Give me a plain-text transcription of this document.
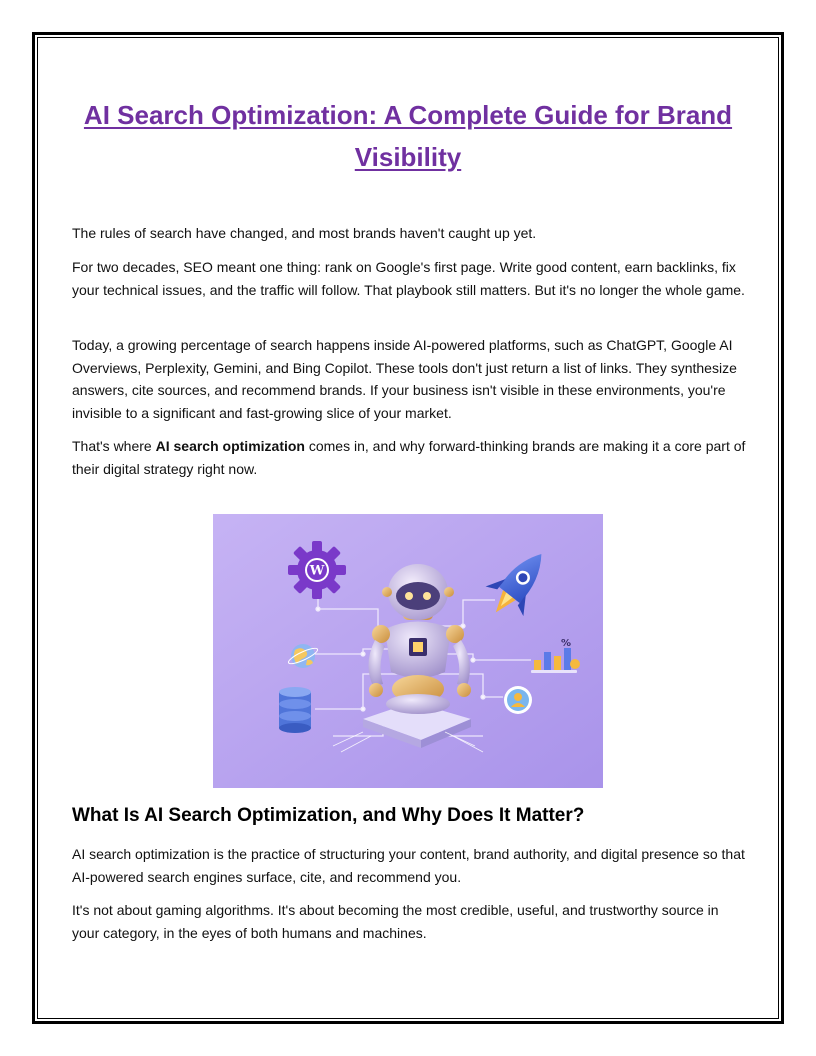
AI Search Optimization: A Complete Guide for Brand Visibility

The rules of search have changed, and most brands haven't caught up yet.

For two decades, SEO meant one thing: rank on Google's first page. Write good content, earn backlinks, fix your technical issues, and the traffic will follow. That playbook still matters. But it's no longer the whole game.

Today, a growing percentage of search happens inside AI-powered platforms, such as ChatGPT, Google AI Overviews, Perplexity, Gemini, and Bing Copilot. These tools don't just return a list of links. They synthesize answers, cite sources, and recommend brands. If your business isn't visible in these environments, you're invisible to a significant and fast-growing slice of your market.

That's where AI search optimization comes in, and why forward-thinking brands are making it a core part of their digital strategy right now.

W
%
What Is AI Search Optimization, and Why Does It Matter?

AI search optimization is the practice of structuring your content, brand authority, and digital presence so that AI-powered search engines surface, cite, and recommend you.

It's not about gaming algorithms. It's about becoming the most credible, useful, and trustworthy source in your category, in the eyes of both humans and machines.
